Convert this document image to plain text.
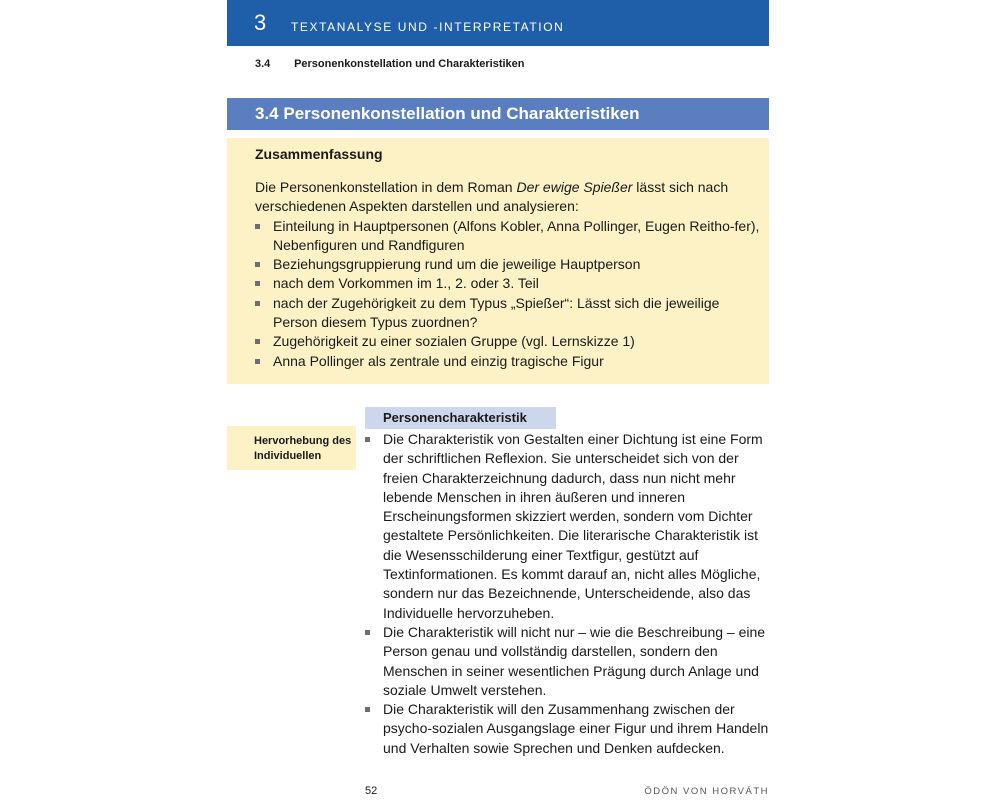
3 TEXTANALYSE UND -INTERPRETATION
3.4 Personenkonstellation und Charakteristiken
3.4 Personenkonstellation und Charakteristiken
Zusammenfassung
Die Personenkonstellation in dem Roman Der ewige Spießer lässt sich nach verschiedenen Aspekten darstellen und analysieren:
Einteilung in Hauptpersonen (Alfons Kobler, Anna Pollinger, Eugen Reitho-fer), Nebenfiguren und Randfiguren
Beziehungsgruppierung rund um die jeweilige Hauptperson
nach dem Vorkommen im 1., 2. oder 3. Teil
nach der Zugehörigkeit zu dem Typus „Spießer“: Lässt sich die jeweilige Person diesem Typus zuordnen?
Zugehörigkeit zu einer sozialen Gruppe (vgl. Lernskizze 1)
Anna Pollinger als zentrale und einzig tragische Figur
Personencharakteristik
Hervorhebung des Individuellen
Die Charakteristik von Gestalten einer Dichtung ist eine Form der schriftlichen Reflexion. Sie unterscheidet sich von der freien Charakterzeichnung dadurch, dass nun nicht mehr lebende Menschen in ihren äußeren und inneren Erscheinungsformen skizziert werden, sondern vom Dichter gestaltete Persönlichkeiten. Die literarische Charakteristik ist die Wesensschilderung einer Textfigur, gestützt auf Textinformationen. Es kommt darauf an, nicht alles Mögliche, sondern nur das Bezeichnende, Unterscheidende, also das Individuelle hervorzuheben.
Die Charakteristik will nicht nur – wie die Beschreibung – eine Person genau und vollständig darstellen, sondern den Menschen in seiner wesentlichen Prägung durch Anlage und soziale Umwelt verstehen.
Die Charakteristik will den Zusammenhang zwischen der psycho-sozialen Ausgangslage einer Figur und ihrem Handeln und Verhalten sowie Sprechen und Denken aufdecken.
52	ÖDÖN VON HORVÁTH
